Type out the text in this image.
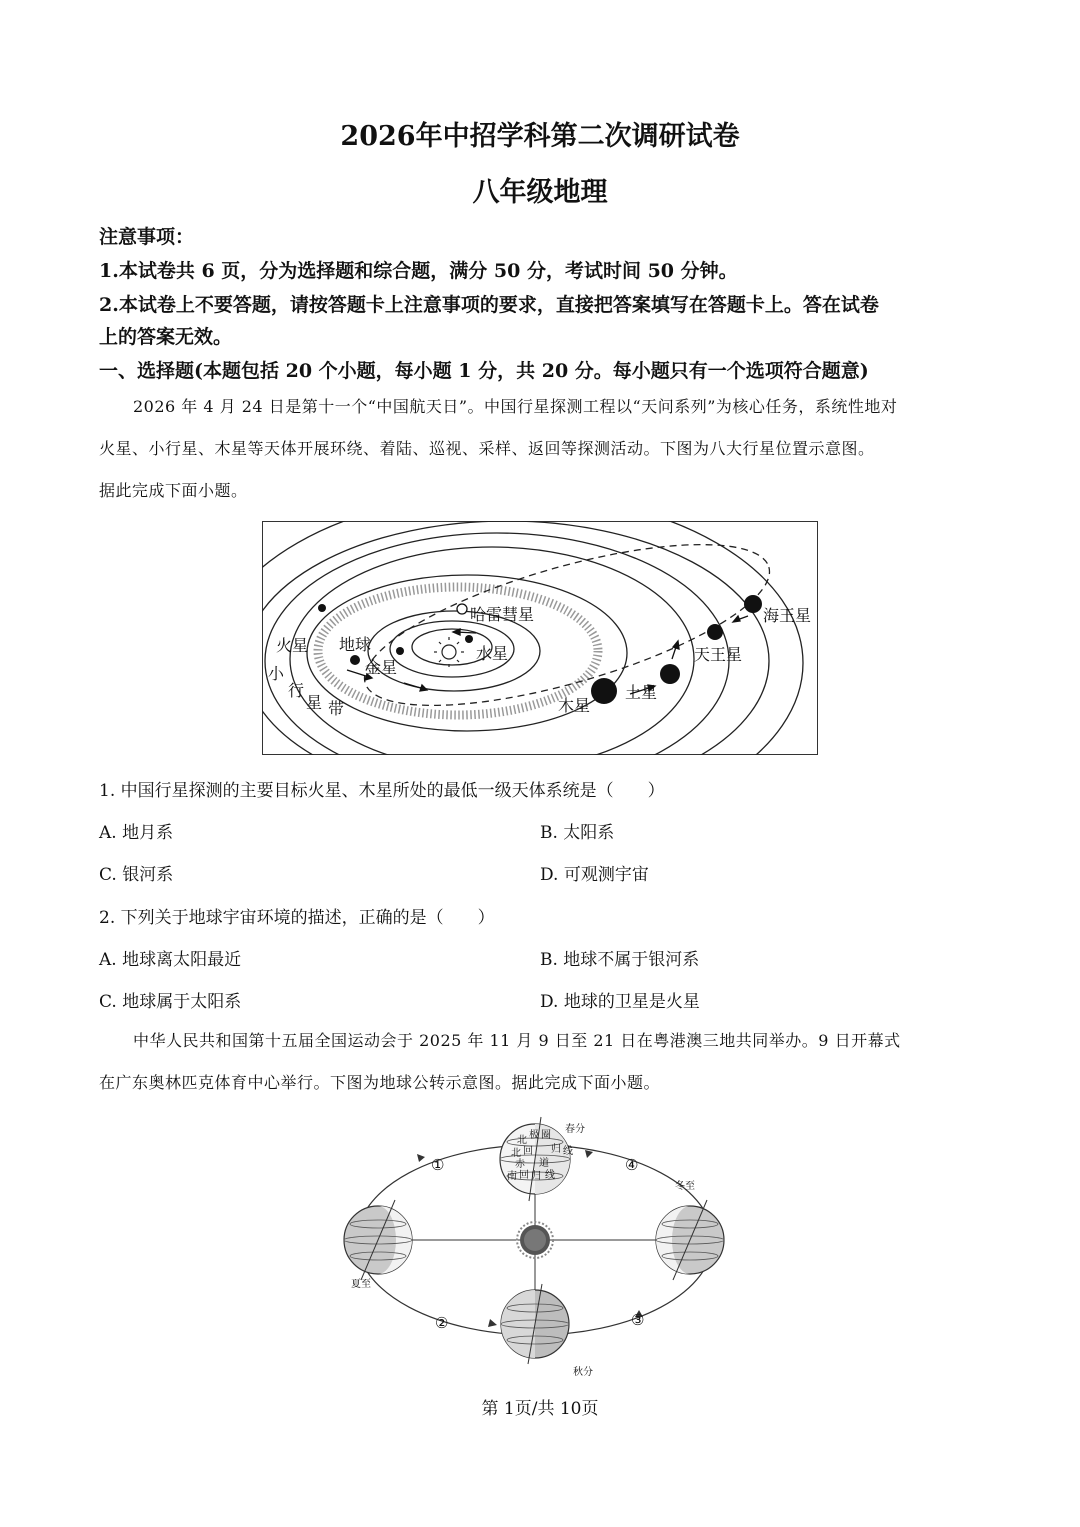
2026年中招学科第二次调研试卷
八年级地理
注意事项：
1.本试卷共 6 页，分为选择题和综合题，满分 50 分，考试时间 50 分钟。
2.本试卷上不要答题，请按答题卡上注意事项的要求，直接把答案填写在答题卡上。答在试卷
上的答案无效。
一、选择题(本题包括 20 个小题，每小题 1 分，共 20 分。每小题只有一个选项符合题意)
2026 年 4 月 24 日是第十一个“中国航天日”。中国行星探测工程以“天问系列”为核心任务，系统性地对
火星、小行星、木星等天体开展环绕、着陆、巡视、采样、返回等探测活动。下图为八大行星位置示意图。
据此完成下面小题。
哈雷彗星
火星 地球
金星
水星
小
行
星 带	木星
土星
天王星
海王星
1. 中国行星探测的主要目标火星、木星所处的最低一级天体系统是（　　）
A. 地月系	B. 太阳系
C. 银河系	D. 可观测宇宙
2. 下列关于地球宇宙环境的描述，正确的是（　　）
A. 地球离太阳最近	B. 地球不属于银河系
C. 地球属于太阳系	D. 地球的卫星是火星
中华人民共和国第十五届全国运动会于 2025 年 11 月 9 日至 21 日在粤港澳三地共同举办。9 日开幕式
在广东奥林匹克体育中心举行。下图为地球公转示意图。据此完成下面小题。
北 极 圈
北 回 归 线
赤 道
南 回 归 线
春分
夏至
秋分
冬至
①
②	③
④
第 1页/共 10页
